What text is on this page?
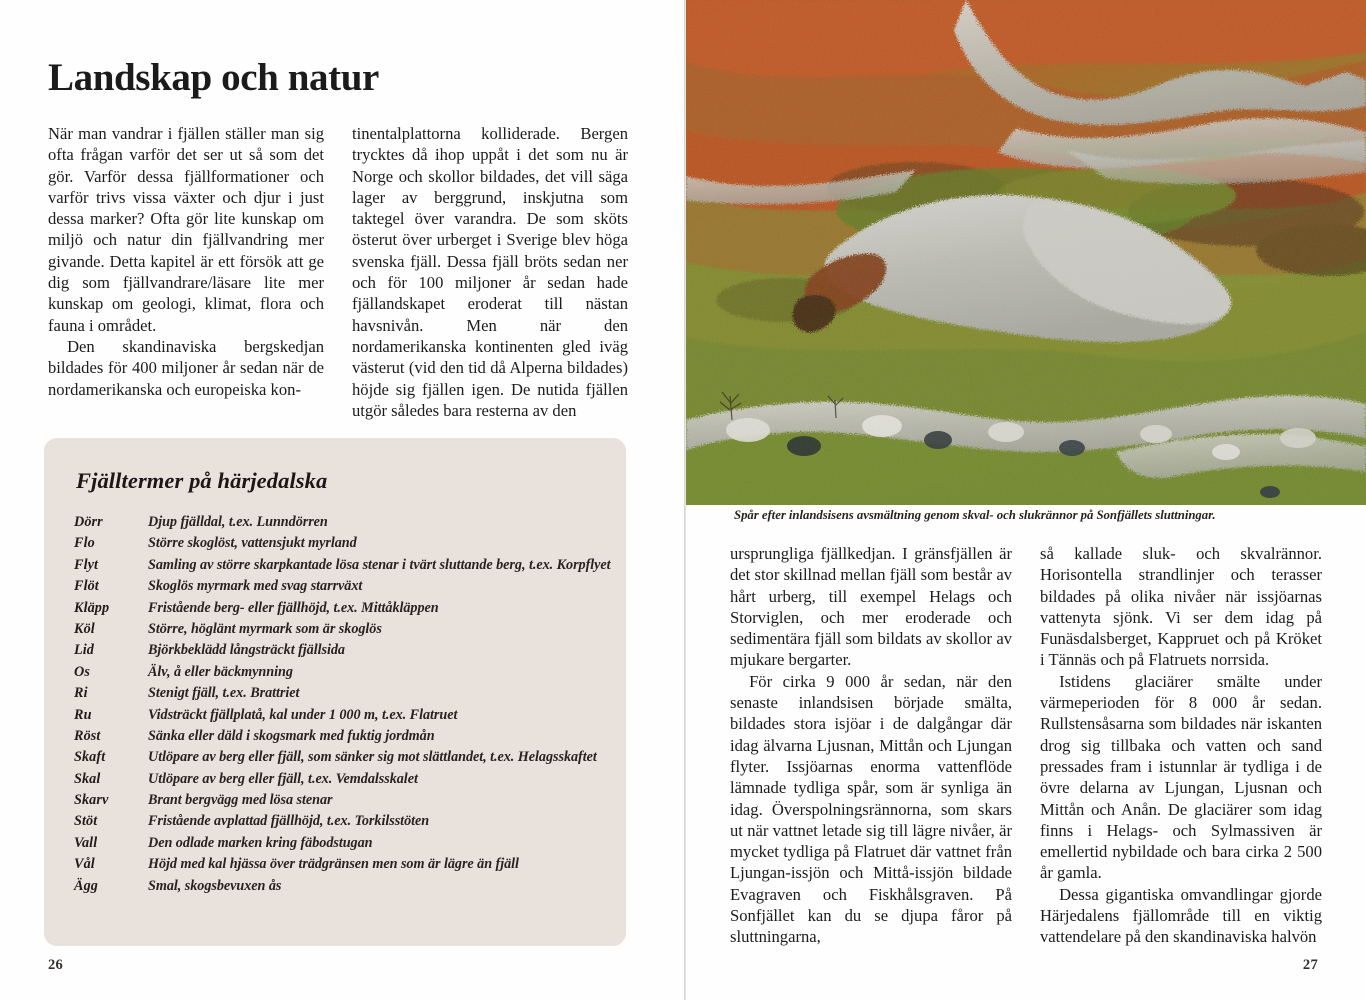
Landskap och natur

När man vandrar i fjällen ställer man sig ofta frågan varför det ser ut så som det gör. Varför dessa fjällformationer och varför trivs vissa växter och djur i just dessa marker? Ofta gör lite kunskap om miljö och natur din fjällvandring mer givande. Detta kapitel är ett försök att ge dig som fjällvandrare/läsare lite mer kunskap om geologi, klimat, flora och fauna i området.

Den skandinaviska bergskedjan bildades för 400 miljoner år sedan när de nordamerikanska och europeiska kon-

tinentalplattorna kolliderade. Bergen trycktes då ihop uppåt i det som nu är Norge och skollor bildades, det vill säga lager av berggrund, inskjutna som taktegel över varandra. De som sköts österut över urberget i Sverige blev höga svenska fjäll. Dessa fjäll bröts sedan ner och för 100 miljoner år sedan hade fjällandskapet eroderat till nästan havsnivån. Men när den nordamerikanska kontinenten gled iväg västerut (vid den tid då Alperna bildades) höjde sig fjällen igen. De nutida fjällen utgör således bara resterna av den

Fjälltermer på härjedalska
Dörr	Djup fjälldal, t.ex. Lunndörren
Flo	Större skoglöst, vattensjukt myrland
Flyt	Samling av större skarpkantade lösa stenar i tvärt sluttande berg, t.ex. Korpflyet
Flöt	Skoglös myrmark med svag starrväxt
Kläpp	Fristående berg- eller fjällhöjd, t.ex. Mittåkläppen
Köl	Större, höglänt myrmark som är skoglös
Lid	Björkbeklädd långsträckt fjällsida
Os	Älv, å eller bäckmynning
Ri	Stenigt fjäll, t.ex. Brattriet
Ru	Vidsträckt fjällplatå, kal under 1 000 m, t.ex. Flatruet
Röst	Sänka eller däld i skogsmark med fuktig jordmån
Skaft	Utlöpare av berg eller fjäll, som sänker sig mot slättlandet, t.ex. Helagsskaftet
Skal	Utlöpare av berg eller fjäll, t.ex. Vemdalsskalet
Skarv	Brant bergvägg med lösa stenar
Stöt	Fristående avplattad fjällhöjd, t.ex. Torkilsstöten
Vall	Den odlade marken kring fäbodstugan
Vål	Höjd med kal hjässa över trädgränsen men som är lägre än fjäll
Ägg	Smal, skogsbevuxen ås
26
Spår efter inlandsisens avsmältning genom skval- och slukrännor på Sonfjällets sluttningar.

ursprungliga fjällkedjan. I gränsfjällen är det stor skillnad mellan fjäll som består av hårt urberg, till exempel Helags och Storviglen, och mer eroderade och sedimentära fjäll som bildats av skollor av mjukare bergarter.

För cirka 9 000 år sedan, när den senaste inlandsisen började smälta, bildades stora isjöar i de dalgångar där idag älvarna Ljusnan, Mittån och Ljungan flyter. Issjöarnas enorma vattenflöde lämnade tydliga spår, som är synliga än idag. Överspolningsrännorna, som skars ut när vattnet letade sig till lägre nivåer, är mycket tydliga på Flatruet där vattnet från Ljungan-issjön och Mittå-issjön bildade Evagraven och Fiskhålsgraven. På Sonfjället kan du se djupa fåror på sluttningarna,

så kallade sluk- och skvalrännor. Horisontella strandlinjer och terasser bildades på olika nivåer när issjöarnas vattenyta sjönk. Vi ser dem idag på Funäsdalsberget, Kappruet och på Kröket i Tännäs och på Flatruets norrsida.

Istidens glaciärer smälte under värmeperioden för 8 000 år sedan. Rullstensåsarna som bildades när iskanten drog sig tillbaka och vatten och sand pressades fram i istunnlar är tydliga i de övre delarna av Ljungan, Ljusnan och Mittån och Anån. De glaciärer som idag finns i Helags- och Sylmassiven är emellertid nybildade och bara cirka 2 500 år gamla.

Dessa gigantiska omvandlingar gjorde Härjedalens fjällområde till en viktig vattendelare på den skandinaviska halvön

27
